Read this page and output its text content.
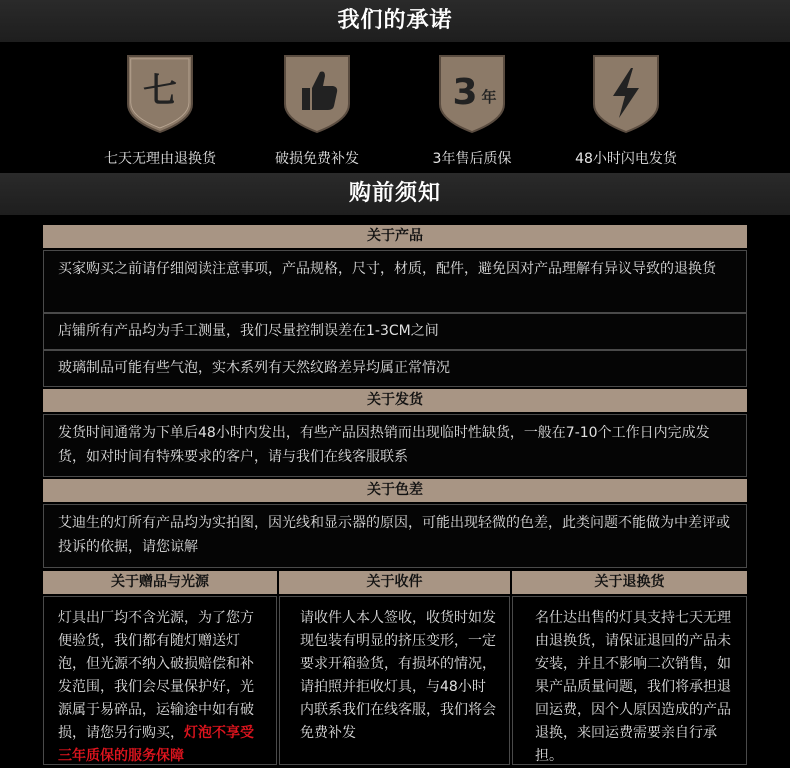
我们的承诺
七
七天无理由退换货	破损免费补发
3 年
3年售后质保	48小时闪电发货
购前须知
关于产品
买家购买之前请仔细阅读注意事项，产品规格，尺寸，材质，配件，避免因对产品理解有异议导致的退换货
店铺所有产品均为手工测量，我们尽量控制误差在1-3CM之间
玻璃制品可能有些气泡，实木系列有天然纹路差异均属正常情况
关于发货
发货时间通常为下单后48小时内发出，有些产品因热销而出现临时性缺货，一般在7-10个工作日内完成发货，如对时间有特殊要求的客户，请与我们在线客服联系
关于色差
艾迪生的灯所有产品均为实拍图，因光线和显示器的原因，可能出现轻微的色差，此类问题不能做为中差评或投诉的依据，请您谅解
关于赠品与光源	关于收件	关于退换货
灯具出厂均不含光源，为了您方便验货，我们都有随灯赠送灯泡，但光源不纳入破损赔偿和补发范围，我们会尽量保护好，光源属于易碎品，运输途中如有破损，请您另行购买，灯泡不享受三年质保的服务保障
请收件人本人签收，收货时如发现包装有明显的挤压变形，一定要求开箱验货，有损坏的情况，请拍照并拒收灯具，与48小时内联系我们在线客服，我们将会免费补发
名仕达出售的灯具支持七天无理由退换货，请保证退回的产品未安装，并且不影响二次销售，如果产品质量问题，我们将承担退回运费，因个人原因造成的产品退换，来回运费需要亲自行承担。
